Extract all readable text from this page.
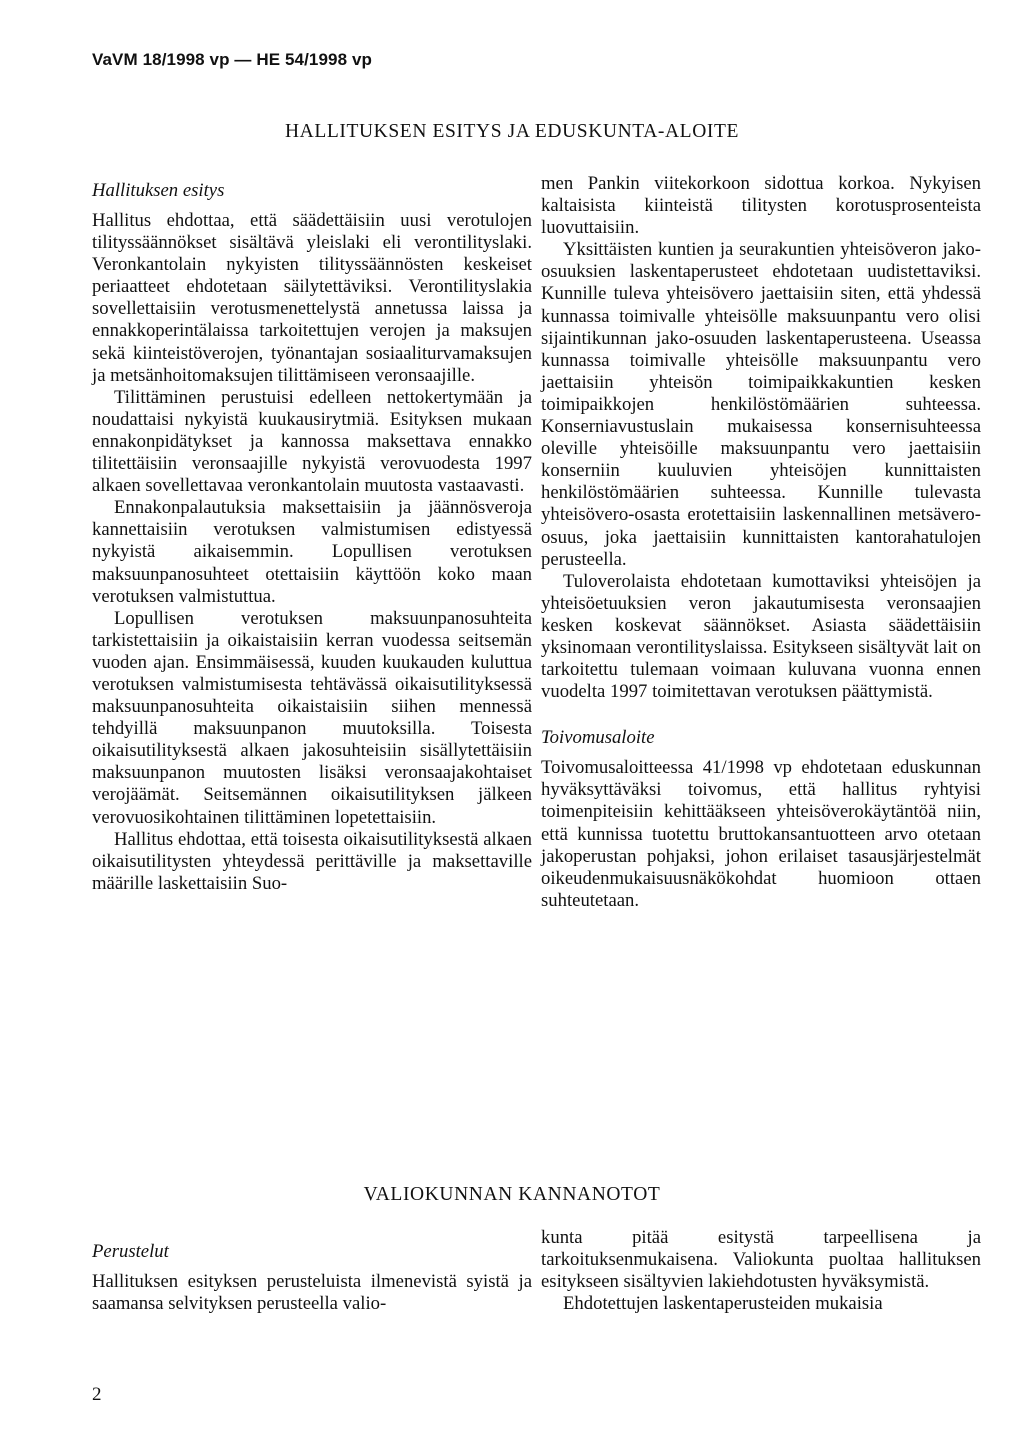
VaVM 18/1998 vp — HE 54/1998 vp
HALLITUKSEN ESITYS JA EDUSKUNTA-ALOITE
Hallituksen esitys

Hallitus ehdottaa, että säädettäisiin uusi verotulojen tilityssäännökset sisältävä yleislaki eli verontilityslaki. Veronkantolain nykyisten tilityssäännösten keskeiset periaatteet ehdotetaan säilytettäviksi. Verontilityslakia sovellettaisiin verotusmenettelystä annetussa laissa ja ennakkoperintälaissa tarkoitettujen verojen ja maksujen sekä kiinteistöverojen, työnantajan sosiaaliturvamaksujen ja metsänhoitomaksujen tilittämiseen veronsaajille.

Tilittäminen perustuisi edelleen nettokertymään ja noudattaisi nykyistä kuukausirytmiä. Esityksen mukaan ennakonpidätykset ja kannossa maksettava ennakko tilitettäisiin veronsaajille nykyistä verovuodesta 1997 alkaen sovellettavaa veronkantolain muutosta vastaavasti.

Ennakonpalautuksia maksettaisiin ja jäännösveroja kannettaisiin verotuksen valmistumisen edistyessä nykyistä aikaisemmin. Lopullisen verotuksen maksuunpanosuhteet otettaisiin käyttöön koko maan verotuksen valmistuttua.

Lopullisen verotuksen maksuunpanosuhteita tarkistettaisiin ja oikaistaisiin kerran vuodessa seitsemän vuoden ajan. Ensimmäisessä, kuuden kuukauden kuluttua verotuksen valmistumisesta tehtävässä oikaisutilityksessä maksuunpanosuhteita oikaistaisiin siihen mennessä tehdyillä maksuunpanon muutoksilla. Toisesta oikaisutilityksestä alkaen jakosuhteisiin sisällytettäisiin maksuunpanon muutosten lisäksi veronsaajakohtaiset verojäämät. Seitsemännen oikaisutilityksen jälkeen verovuosikohtainen tilittäminen lopetettaisiin.

Hallitus ehdottaa, että toisesta oikaisutilityksestä alkaen oikaisutilitysten yhteydessä perittäville ja maksettaville määrille laskettaisiin Suo-

men Pankin viitekorkoon sidottua korkoa. Nykyisen kaltaisista kiinteistä tilitysten korotusprosenteista luovuttaisiin.

Yksittäisten kuntien ja seurakuntien yhteisöveron jako-osuuksien laskentaperusteet ehdotetaan uudistettaviksi. Kunnille tuleva yhteisövero jaettaisiin siten, että yhdessä kunnassa toimivalle yhteisölle maksuunpantu vero olisi sijaintikunnan jako-osuuden laskentaperusteena. Useassa kunnassa toimivalle yhteisölle maksuunpantu vero jaettaisiin yhteisön toimipaikkakuntien kesken toimipaikkojen henkilöstömäärien suhteessa. Konserniavustuslain mukaisessa konsernisuhteessa oleville yhteisöille maksuunpantu vero jaettaisiin konserniin kuuluvien yhteisöjen kunnittaisten henkilöstömäärien suhteessa. Kunnille tulevasta yhteisövero-osasta erotettaisiin laskennallinen metsävero-osuus, joka jaettaisiin kunnittaisten kantorahatulojen perusteella.

Tuloverolaista ehdotetaan kumottaviksi yhteisöjen ja yhteisöetuuksien veron jakautumisesta veronsaajien kesken koskevat säännökset. Asiasta säädettäisiin yksinomaan verontilityslaissa. Esitykseen sisältyvät lait on tarkoitettu tulemaan voimaan kuluvana vuonna ennen vuodelta 1997 toimitettavan verotuksen päättymistä.

Toivomusaloite

Toivomusaloitteessa 41/1998 vp ehdotetaan eduskunnan hyväksyttäväksi toivomus, että hallitus ryhtyisi toimenpiteisiin kehittääkseen yhteisöverokäytäntöä niin, että kunnissa tuotettu bruttokansantuotteen arvo otetaan jakoperustan pohjaksi, johon erilaiset tasausjärjestelmät oikeudenmukaisuusnäkökohdat huomioon ottaen suhteutetaan.

VALIOKUNNAN KANNANOTOT
Perustelut

Hallituksen esityksen perusteluista ilmenevistä syistä ja saamansa selvityksen perusteella valio-

kunta pitää esitystä tarpeellisena ja tarkoituksenmukaisena. Valiokunta puoltaa hallituksen esitykseen sisältyvien lakiehdotusten hyväksymistä.

Ehdotettujen laskentaperusteiden mukaisia

2
